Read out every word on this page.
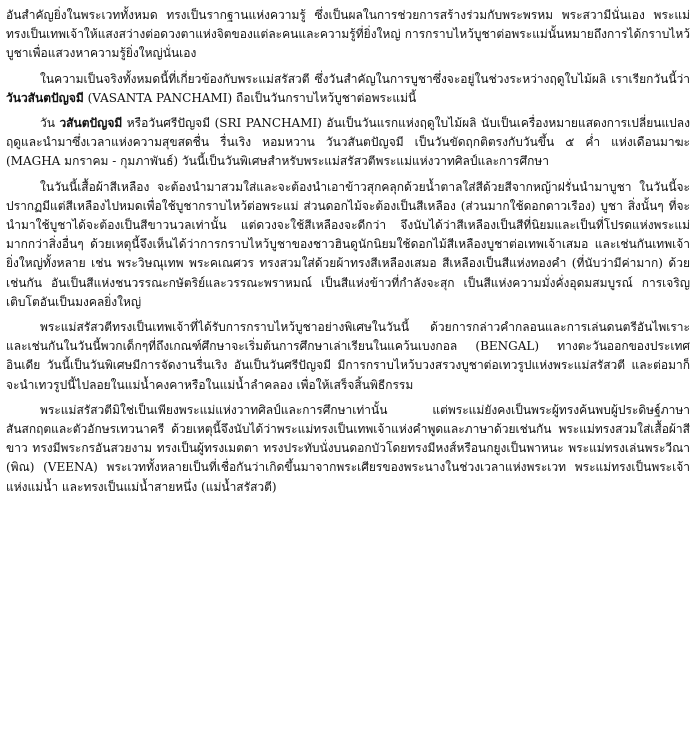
อันสำคัญยิ่งในพระเวททั้งหมด ทรงเป็นรากฐานแห่งความรู้ ซึ่งเป็นผลในการช่วยการสร้างร่วมกับพระพรหม พระสวามีนั่นเอง พระแม่ทรงเป็นเทพเจ้าให้แสงสว่างต่อดวงตาแห่งจิตของแต่ละคนและความรู้ที่ยิ่งใหญ่ การกราบไหว้บูชาต่อพระแม่นั้นหมายถึงการได้กราบไหว้บูชาเพื่อแสวงหาความรู้ยิ่งใหญ่นั่นเอง

ในความเป็นจริงทั้งหมดนี้ที่เกี่ยวข้องกับพระแม่สรัสวตี ซึ่งวันสำคัญในการบูชาซึ่งจะอยู่ในช่วงระหว่างฤดูใบไม้ผลิ เราเรียกวันนี้ว่า วันวสันตปัญจมี (VASANTA PANCHAMI) ถือเป็นวันกราบไหว้บูชาต่อพระแม่นี้

วัน วสันตปัญจมี หรือวันศรีปัญจมี (SRI PANCHAMI) อันเป็นวันแรกแห่งฤดูใบไม้ผลิ นับเป็นเครื่องหมายแสดงการเปลี่ยนแปลงฤดูและนำมาซึ่งเวลาแห่งความสุขสดชื่น รื่นเริง หอมหวาน วันวสันตปัญจมี เป็นวันขัดฤกติตรงกับวันขึ้น ๕ ค่ำ แห่งเดือนมาฆะ (MAGHA มกราคม - กุมภาพันธ์) วันนี้เป็นวันพิเศษสำหรับพระแม่สรัสวตีพระแม่แห่งวาทศิลป์และการศึกษา

ในวันนี้เสื้อผ้าสีเหลือง จะต้องนำมาสวมใส่และจะต้องนำเอาข้าวสุกคลุกด้วยน้ำตาลใส่สีด้วยสีจากหญ้าฝรั่นนำมาบูชา ในวันนี้จะปรากฏมีแต่สีเหลืองไปหมดเพื่อใช้บูชากราบไหว้ต่อพระแม่ ส่วนดอกไม้จะต้องเป็นสีเหลือง (ส่วนมากใช้ดอกดาวเรือง) บูชา สิ่งนั้นๆ ที่จะนำมาใช้บูชาได้จะต้องเป็นสีขาวนวลเท่านั้น แต่ดวงจะใช้สีเหลืองจะดีกว่า จึงนับได้ว่าสีเหลืองเป็นสีที่นิยมและเป็นที่โปรดแห่งพระแม่มากกว่าสิ่งอื่นๆ ด้วยเหตุนี้จึงเห็นได้ว่าการกราบไหว้บูชาของชาวฮินดูนักนิยมใช้ดอกไม้สีเหลืองบูชาต่อเทพเจ้าเสมอ และเช่นกันเทพเจ้ายิ่งใหญ่ทั้งหลาย เช่น พระวิษณุเทพ พระคเณศวร ทรงสวมใส่ด้วยผ้าทรงสีเหลืองเสมอ สีเหลืองเป็นสีแห่งทองคำ (ที่นับว่ามีค่ามาก) ด้วยเช่นกัน อันเป็นสีแห่งชนวรรณะกษัตริย์และวรรณะพราหมณ์ เป็นสีแห่งข้าวที่กำลังจะสุก เป็นสีแห่งความมั่งคั่งอุดมสมบูรณ์ การเจริญเติบโตอันเป็นมงคลยิ่งใหญ่

พระแม่สรัสวตีทรงเป็นเทพเจ้าที่ได้รับการกราบไหว้บูชาอย่างพิเศษในวันนี้ ด้วยการกล่าวคำกลอนและการเล่นดนตรีอันไพเราะและเช่นกันในวันนี้พวกเด็กๆที่ถึงเกณฑ์ศึกษาจะเริ่มต้นการศึกษาเล่าเรียนในแคว้นเบงกอล (BENGAL) ทางตะวันออกของประเทศอินเดีย วันนี้เป็นวันพิเศษมีการจัดงานรื่นเริง อันเป็นวันศรีปัญจมี มีการกราบไหว้บวงสรวงบูชาต่อเทวรูปแห่งพระแม่สรัสวตี และต่อมาก็จะนำเทวรูปนี้ไปลอยในแม่น้ำคงคาหรือในแม่น้ำลำคลอง เพื่อให้เสร็จสิ้นพิธีกรรม

พระแม่สรัสวตีมิใช่เป็นเพียงพระแม่แห่งวาทศิลป์และการศึกษาเท่านั้น แต่พระแม่ยังคงเป็นพระผู้ทรงค้นพบผู้ประดิษฐ์ภาษาสันสกฤตและตัวอักษรเทวนาครี ด้วยเหตุนี้จึงนับได้ว่าพระแม่ทรงเป็นเทพเจ้าแห่งคำพูดและภาษาด้วยเช่นกัน พระแม่ทรงสวมใส่เสื้อผ้าสีขาว ทรงมีพระกรอันสวยงาม ทรงเป็นผู้ทรงเมตตา ทรงประทับนั่งบนดอกบัวโดยทรงมีหงส์หรือนกยูงเป็นพาหนะ พระแม่ทรงเล่นพระวีณา (พิณ) (VEENA) พระเวททั้งหลายเป็นที่เชื่อกันว่าเกิดขึ้นมาจากพระเศียรของพระนางในช่วงเวลาแห่งพระเวท พระแม่ทรงเป็นพระเจ้าแห่งแม่น้ำ และทรงเป็นแม่น้ำสายหนึ่ง (แม่น้ำสรัสวตี)
